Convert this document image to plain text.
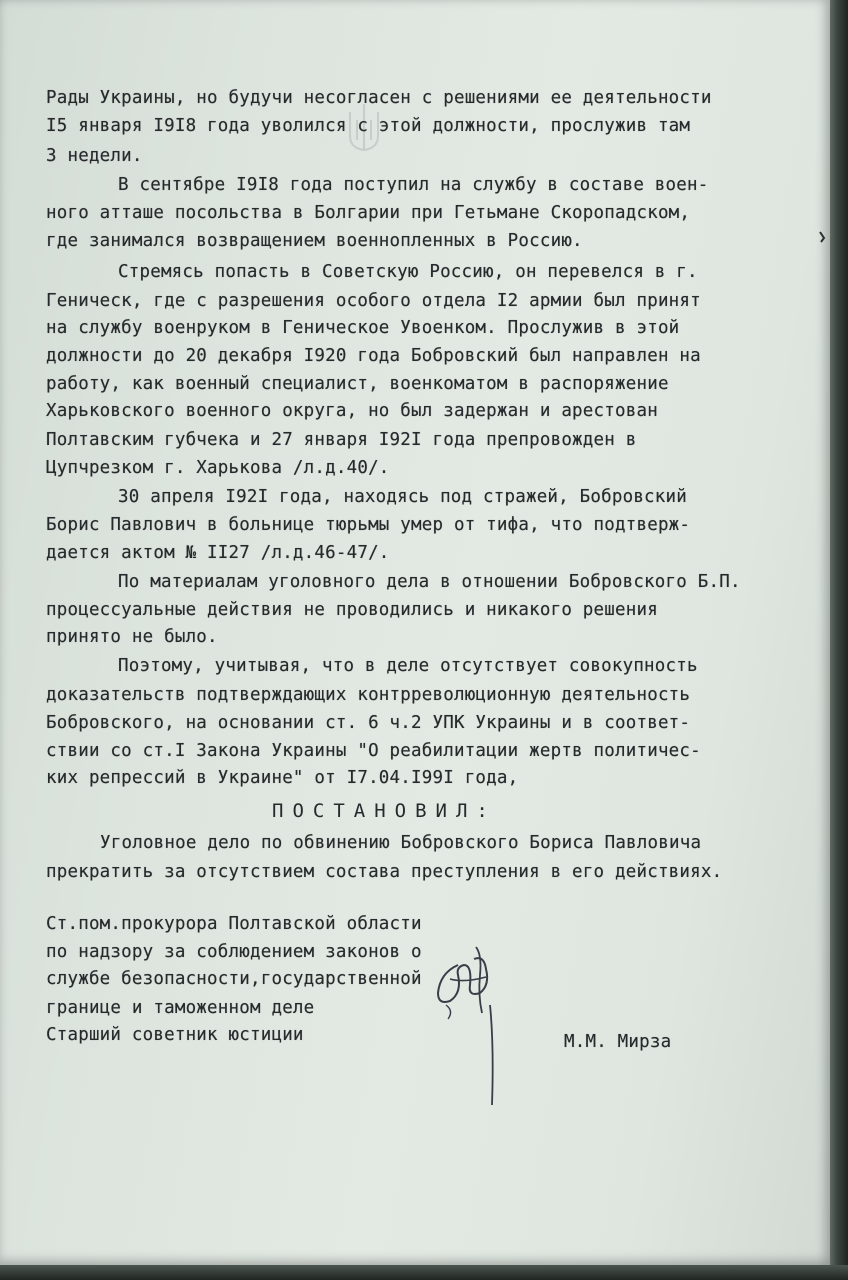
Рады Украины, но будучи несогласен с решениями ее деятельности
I5 января I9I8 года уволился с этой должности, прослужив там
3 недели.
В сентябре I9I8 года поступил на службу в составе воен-
ного атташе посольства в Болгарии при Гетьмане Скоропадском,
где занимался возвращением военнопленных в Россию.
Стремясь попасть в Советскую Россию, он перевелся в г.
Геническ, где с разрешения особого отдела I2 армии был принят
на службу военруком в Геническое Увоенком. Прослужив в этой
должности до 20 декабря I920 года Бобровский был направлен на
работу, как военный специалист, военкоматом в распоряжение
Харьковского военного округа, но был задержан и арестован
Полтавским губчека и 27 января I92I года препровожден в
Цупчрезком г. Харькова /л.д.40/.
30 апреля I92I года, находясь под стражей, Бобровский
Борис Павлович в больнице тюрьмы умер от тифа, что подтверж-
дается актом № II27 /л.д.46-47/.
По материалам уголовного дела в отношении Бобровского Б.П.
процессуальные действия не проводились и никакого решения
принято не было.
Поэтому, учитывая, что в деле отсутствует совокупность
доказательств подтверждающих контрреволюционную деятельность
Бобровского, на основании ст. 6 ч.2 УПК Украины и в соответ-
ствии со ст.I Закона Украины "О реабилитации жертв политичес-
ких репрессий в Украине" от I7.04.I99I года,
ПОСТАНОВИЛ:
Уголовное дело по обвинению Бобровского Бориса Павловича
прекратить за отсутствием состава преступления в его действиях.
Ст.пом.прокурора Полтавской области
по надзору за соблюдением законов о
службе безопасности,государственной
границе и таможенном деле
Старший советник юстиции	М.М. Мирза
